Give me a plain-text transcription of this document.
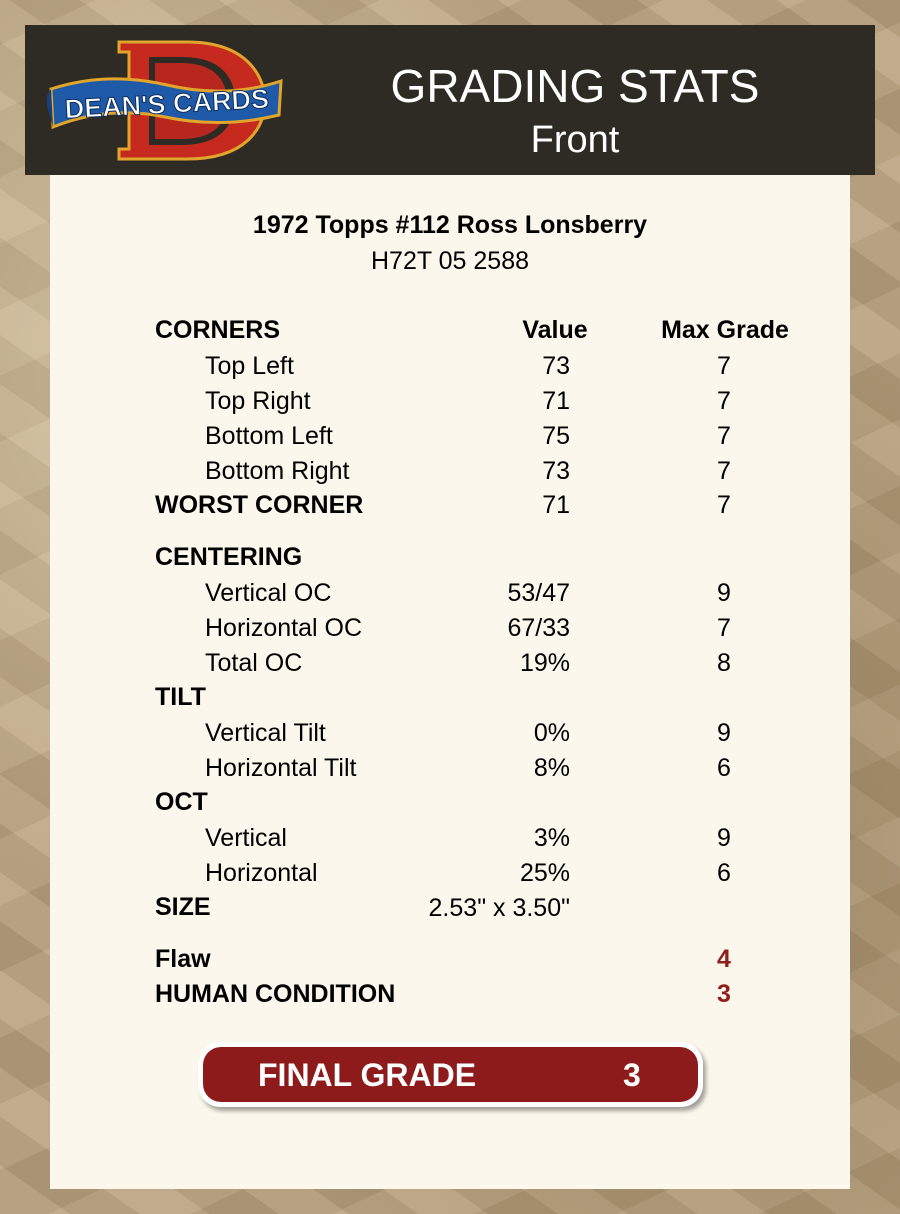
DEAN'S CARDS	GRADING STATS
Front
1972 Topps #112 Ross Lonsberry
H72T 05 2588
CORNERS	Value	Max Grade
Top Left	73	7
Top Right	71	7
Bottom Left	75	7
Bottom Right	73	7
WORST CORNER	71	7
CENTERING
Vertical OC	53/47	9
Horizontal OC	67/33	7
Total OC	19%	8
TILT
Vertical Tilt	0%	9
Horizontal Tilt	8%	6
OCT
Vertical	3%	9
Horizontal	25%	6
SIZE	2.53" x 3.50"
Flaw	4
HUMAN CONDITION	3
FINAL GRADE	3
